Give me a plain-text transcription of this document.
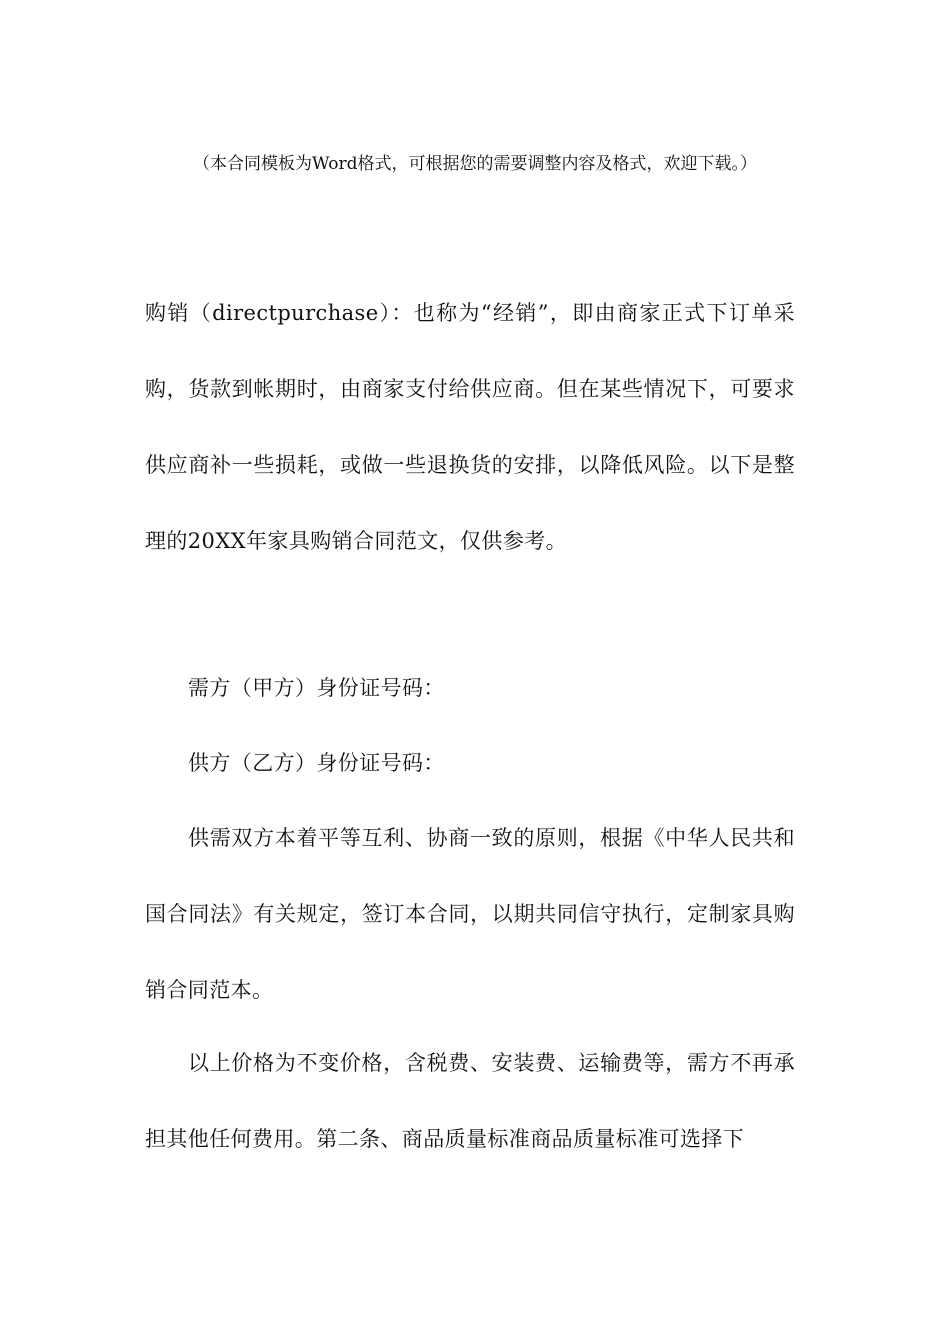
（本合同模板为Word格式，可根据您的需要调整内容及格式，欢迎下载。）
购销（directpurchase）：也称为“经销”，即由商家正式下订单采购，货款到帐期时，由商家支付给供应商。但在某些情况下，可要求供应商补一些损耗，或做一些退换货的安排，以降低风险。以下是整理的20XX年家具购销合同范文，仅供参考。
需方（甲方）身份证号码：
供方（乙方）身份证号码：
供需双方本着平等互利、协商一致的原则，根据《中华人民共和国合同法》有关规定，签订本合同，以期共同信守执行，定制家具购销合同范本。
以上价格为不变价格，含税费、安装费、运输费等，需方不再承担其他任何费用。第二条、商品质量标准商品质量标准可选择下
